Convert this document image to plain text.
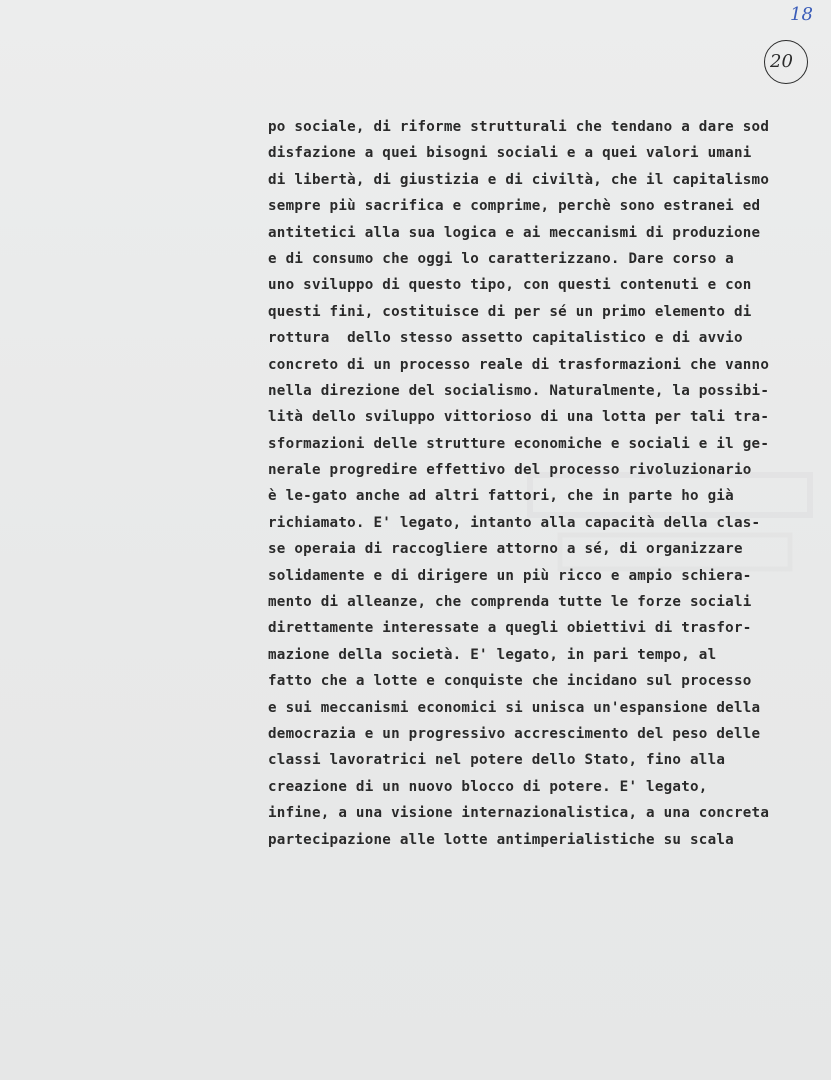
18
20
po sociale, di riforme strutturali che tendano a dare sod
disfazione a quei bisogni sociali e a quei valori umani
di libertà, di giustizia e di civiltà, che il capitalismo
sempre più sacrifica e comprime, perchè sono estranei ed
antitetici alla sua logica e ai meccanismi di produzione
e di consumo che oggi lo caratterizzano. Dare corso a
uno sviluppo di questo tipo, con questi contenuti e con
questi fini, costituisce di per sé un primo elemento di
rottura  dello stesso assetto capitalistico e di avvio
concreto di un processo reale di trasformazioni che vanno
nella direzione del socialismo. Naturalmente, la possibi-
lità dello sviluppo vittorioso di una lotta per tali tra-
sformazioni delle strutture economiche e sociali e il ge-
nerale progredire effettivo del processo rivoluzionario
è le-gato anche ad altri fattori, che in parte ho già
richiamato. E' legato, intanto alla capacità della clas-
se operaia di raccogliere attorno a sé, di organizzare
solidamente e di dirigere un più ricco e ampio schiera-
mento di alleanze, che comprenda tutte le forze sociali
direttamente interessate a quegli obiettivi di trasfor-
mazione della società. E' legato, in pari tempo, al
fatto che a lotte e conquiste che incidano sul processo
e sui meccanismi economici si unisca un'espansione della
democrazia e un progressivo accrescimento del peso delle
classi lavoratrici nel potere dello Stato, fino alla
creazione di un nuovo blocco di potere. E' legato,
infine, a una visione internazionalistica, a una concreta
partecipazione alle lotte antimperialistiche su scala
